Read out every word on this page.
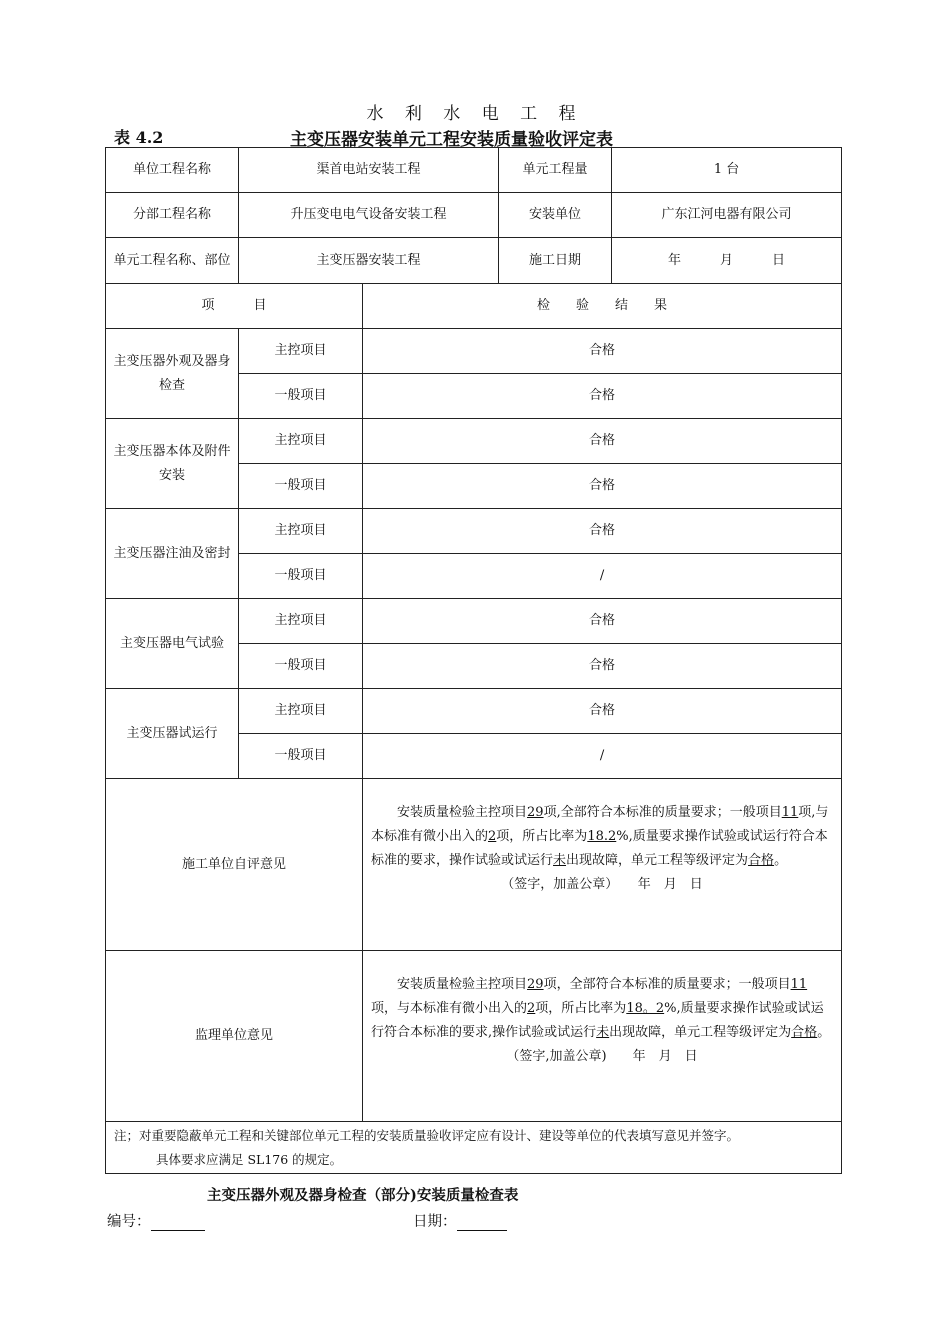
水 利 水 电 工 程
表 4.2	主变压器安装单元工程安装质量验收评定表
单位工程名称	渠首电站安装工程		单元工程量	1 台
分部工程名称	升压变电电气设备安装工程		安装单位	广东江河电器有限公司
单元工程名称、部位	主变压器安装工程		施工日期	年　　　月　　　日
项　　　目		检　　验　　结　　果		
主变压器外观及器身检查	主控项目	合格		
	一般项目	合格		
主变压器本体及附件安装	主控项目	合格		
	一般项目	合格		
主变压器注油及密封	主控项目	合格		
	一般项目	/		
主变压器电气试验	主控项目	合格		
	一般项目	合格		
主变压器试运行	主控项目	合格		
	一般项目	/		
施工单位自评意见		安装质量检验主控项目29项,全部符合本标准的质量要求；一般项目11项,与本标准有微小出入的2项，所占比率为18.2%,质量要求操作试验或试运行符合本标准的要求，操作试验或试运行未出现故障，单元工程等级评定为合格。

（签字，加盖公章）　　年　月　日		

监理单位意见		安装质量检验主控项目29项，全部符合本标准的质量要求；一般项目11项，与本标准有微小出入的2项，所占比率为18。2%,质量要求操作试验或试运行符合本标准的要求,操作试验或试运行未出现故障，单元工程等级评定为合格。

（签字,加盖公章)　　年　月　日		

注；对重要隐蔽单元工程和关键部位单元工程的安装质量验收评定应有设计、建设等单位的代表填写意见并签字。
具体要求应满足 SL176 的规定。				
主变压器外观及器身检查（部分)安装质量检查表
编号：	日期：
